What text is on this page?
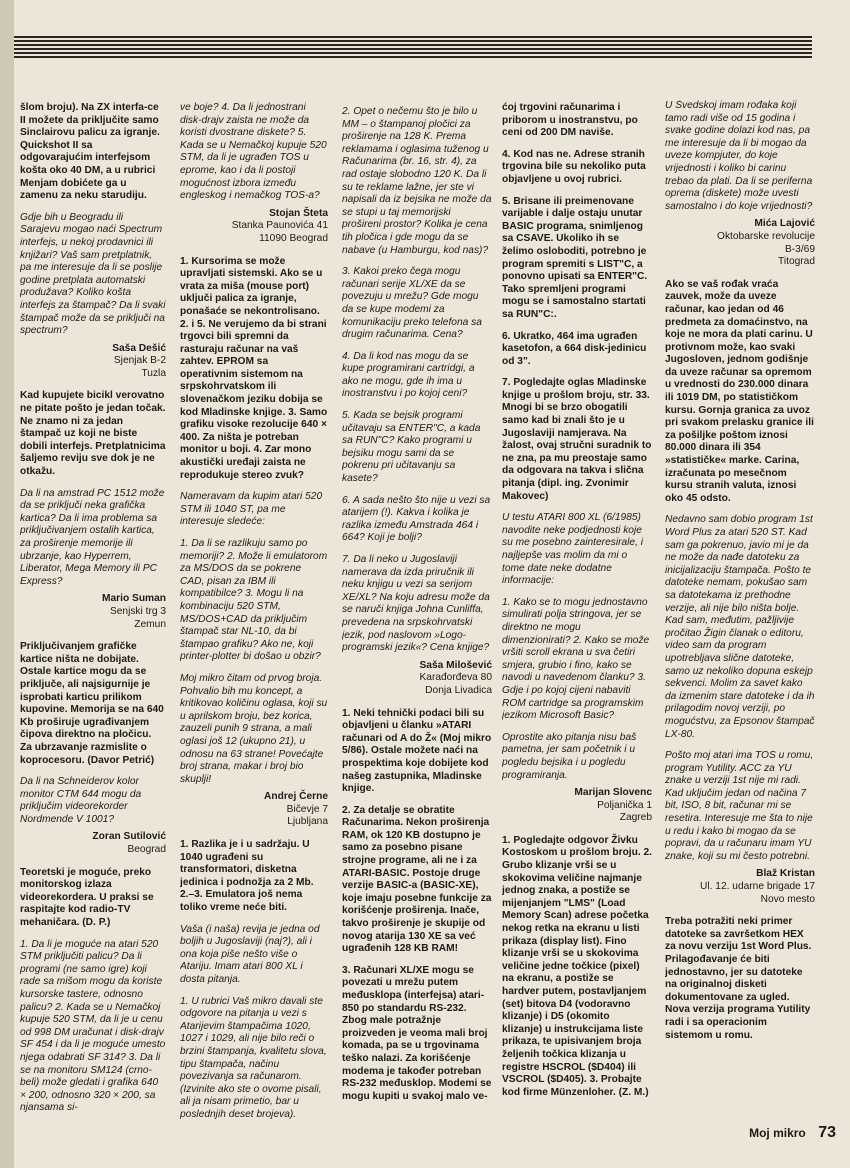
šlom broju). Na ZX interfa-ce II možete da priključite samo Sinclairovu palicu za igranje. Quickshot II sa odgovarajućim interfejsom košta oko 40 DM, a u rubrici Menjam dobićete ga u zamenu za neku starudiju.

Gdje bih u Beogradu ili Sarajevu mogao naći Spectrum interfejs, u nekoj prodavnici ili knjižari? Vaš sam pretplatnik, pa me interesuje da li se poslije godine pretplata automatski produžava? Koliko košta interfejs za štampač? Da li svaki štampač može da se priključi na spectrum?

Saša Dešić
Sjenjak B-2
Tuzla

Kad kupujete bicikl verovatno ne pitate pošto je jedan točak. Ne znamo ni za jedan štampač uz koji ne biste dobili interfejs. Pretplatnicima šaljemo reviju sve dok je ne otkažu.

Da li na amstrad PC 1512 može da se priključi neka grafička kartica? Da li ima problema sa priključivanjem ostalih kartica, za proširenje memorije ili ubrzanje, kao Hyperrem, Liberator, Mega Memory ili PC Express?

Mario Suman
Senjski trg 3
Zemun

Priključivanjem grafičke kartice ništa ne dobijate. Ostale kartice mogu da se priključe, ali najsigurnije je isprobati karticu prilikom kupovine. Memorija se na 640 Kb proširuje ugrađivanjem čipova direktno na pločicu. Za ubrzavanje razmislite o koprocesoru. (Davor Petrić)

Da li na Schneiderov kolor monitor CTM 644 mogu da priključim videorekorder Nordmende V 1001?

Zoran Sutilović
Beograd

Teoretski je moguće, preko monitorskog izlaza videorekordera. U praksi se raspitajte kod radio-TV mehaničara. (D. P.)

1. Da li je moguće na atari 520 STM priključiti palicu? Da li programi (ne samo igre) koji rade sa mišom mogu da koriste kursorske tastere, odnosno palicu? 2. Kada se u Nemačkoj kupuje 520 STM, da li je u cenu od 998 DM uračunat i disk-drajv SF 454 i da li je moguće umesto njega odabrati SF 314? 3. Da li se na monitoru SM124 (crno-beli) može gledati i grafika 640 × 200, odnosno 320 × 200, sa njansama si-

ve boje? 4. Da li jednostrani disk-drajv zaista ne može da koristi dvostrane diskete? 5. Kada se u Nemačkoj kupuje 520 STM, da li je ugrađen TOS u eprome, kao i da li postoji mogućnost izbora između engleskog i nemačkog TOS-a?

Stojan Šteta
Stanka Paunovića 41
11090 Beograd

1. Kursorima se može upravljati sistemski. Ako se u vrata za miša (mouse port) uključi palica za igranje, ponašaće se nekontrolisano. 2. i 5. Ne verujemo da bi strani trgovci bili spremni da rasturaju računar na vaš zahtev. EPROM sa operativnim sistemom na srpskohrvatskom ili slovenačkom jeziku dobija se kod Mladinske knjige. 3. Samo grafiku visoke rezolucije 640 × 400. Za ništa je potreban monitor u boji. 4. Zar mono akustički uređaji zaista ne reprodukuje stereo zvuk?

Nameravam da kupim atari 520 STM ili 1040 ST, pa me interesuje sledeće:

1. Da li se razlikuju samo po memoriji? 2. Može li emulatorom za MS/DOS da se pokrene CAD, pisan za IBM ili kompatibilce? 3. Mogu li na kombinaciju 520 STM, MS/DOS+CAD da priključim štampač star NL-10, da bi štampao grafiku? Ako ne, koji printer-plotter bi došao u obzir?

Moj mikro čitam od prvog broja. Pohvalio bih mu koncept, a kritikovao količinu oglasa, koji su u aprilskom broju, bez korica, zauzeli punih 9 strana, a mali oglasi još 12 (ukupno 21), u odnosu na 63 strane! Povećajte broj strana, makar i broj bio skuplji!

Andrej Černe
Bičevje 7
Ljubljana

1. Razlika je i u sadržaju. U 1040 ugrađeni su transformatori, disketna jedinica i podnožja za 2 Mb. 2.–3. Emulatora još nema toliko vreme neće biti.

Vaša (i naša) revija je jedna od boljih u Jugoslaviji (naj?), ali i ona koja piše nešto više o Atariju. Imam atari 800 XL i dosta pitanja.

1. U rubrici Vaš mikro davali ste odgovore na pitanja u vezi s Atarijevim štampačima 1020, 1027 i 1029, ali nije bilo reči o brzini štampanja, kvalitetu slova, tipu štampača, načinu povezivanja sa računarom. (Izvinite ako ste o ovome pisali, ali ja nisam primetio, bar u poslednjih deset brojeva).

2. Opet o nečemu što je bilo u MM – o štampanoj pločici za proširenje na 128 K. Prema reklamama i oglasima tuženog u Računarima (br. 16, str. 4), za rad ostaje slobodno 120 K. Da li su te reklame lažne, jer ste vi napisali da iz bejsika ne može da se stupi u taj memorijski prošireni prostor? Kolika je cena tih pločica i gde mogu da se nabave (u Hamburgu, kod nas)?

3. Kakoi preko čega mogu računari serije XL/XE da se povezuju u mrežu? Gde mogu da se kupe modemi za komunikaciju preko telefona sa drugim računarima. Cena?

4. Da li kod nas mogu da se kupe programirani cartridgi, a ako ne mogu, gde ih ima u inostranstvu i po kojoj ceni?

5. Kada se bejsik programi učitavaju sa ENTER"C, a kada sa RUN"C? Kako programi u bejsiku mogu sami da se pokrenu pri učitavanju sa kasete?

6. A sada nešto što nije u vezi sa atarijem (!). Kakva i kolika je razlika između Amstrada 464 i 664? Koji je bolji?

7. Da li neko u Jugoslaviji namerava da izda priručnik ili neku knjigu u vezi sa serijom XE/XL? Na koju adresu može da se naruči knjiga Johna Cunliffa, prevedena na srpskohrvatski jezik, pod naslovom »Logo-programski jezik«? Cena knjige?

Saša Milošević
Karađorđeva 80
Donja Livadica

1. Neki tehnički podaci bili su objavljeni u članku »ATARI računari od A do Ž« (Moj mikro 5/86). Ostale možete naći na prospektima koje dobijete kod našeg zastupnika, Mladinske knjige.

2. Za detalje se obratite Računarima. Nekon proširenja RAM, ok 120 KB dostupno je samo za posebno pisane strojne programe, ali ne i za ATARI-BASIC. Postoje druge verzije BASIC-a (BASIC-XE), koje imaju posebne funkcije za korišćenje proširenja. Inače, takvo proširenje je skupije od novog atarija 130 XE sa već ugrađenih 128 KB RAM!

3. Računari XL/XE mogu se povezati u mrežu putem međusklopa (interfejsa) atari-850 po standardu RS-232. Zbog male potražnje proizveden je veoma mali broj komada, pa se u trgovinama teško nalazi. Za korišćenje modema je također potreban RS-232 međusklop. Modemi se mogu kupiti u svakoj malo ve-

ćoj trgovini računarima i priborom u inostranstvu, po ceni od 200 DM naviše.

4. Kod nas ne. Adrese stranih trgovina bile su nekoliko puta objavljene u ovoj rubrici.

5. Brisane ili preimenovane varijable i dalje ostaju unutar BASIC programa, snimljenog sa CSAVE. Ukoliko ih se želimo osloboditi, potrebno je program spremiti s LIST"C, a ponovno upisati sa ENTER"C. Tako spremljeni programi mogu se i samostalno startati sa RUN"C:.

6. Ukratko, 464 ima ugrađen kasetofon, a 664 disk-jedinicu od 3".

7. Pogledajte oglas Mladinske knjige u prošlom broju, str. 33. Mnogi bi se brzo obogatili samo kad bi znali što je u Jugoslaviji namjerava. Na žalost, ovaj stručni suradnik to ne zna, pa mu preostaje samo da odgovara na takva i slična pitanja (dipl. ing. Zvonimir Makovec)

U testu ATARI 800 XL (6/1985) navodite neke podjednosti koje su me posebno zainteresirale, i najljepše vas molim da mi o tome date neke dodatne informacije:

1. Kako se to mogu jednostavno simulirati polja stringova, jer se direktno ne mogu dimenzionirati? 2. Kako se može vršiti scroll ekrana u sva četiri smjera, grubio i fino, kako se navodi u navedenom članku? 3. Gdje i po kojoj cijeni nabaviti ROM cartridge sa programskim jezikom Microsoft Basic?

Oprostite ako pitanja nisu baš pametna, jer sam početnik i u pogledu bejsika i u pogledu programiranja.

Marijan Slovenc
Poljanička 1
Zagreb

1. Pogledajte odgovor Živku Kostoskom u prošlom broju. 2. Grubo klizanje vrši se u skokovima veličine najmanje jednog znaka, a postiže se mijenjanjem "LMS" (Load Memory Scan) adrese početka nekog retka na ekranu u listi prikaza (display list). Fino klizanje vrši se u skokovima veličine jedne točkice (pixel) na ekranu, a postiže se hardver putem, postavljanjem (set) bitova D4 (vodoravno klizanje) i D5 (okomito klizanje) u instrukcijama liste prikaza, te upisivanjem broja željenih točkica klizanja u registre HSCROL ($D404) ili VSCROL ($D405). 3. Probajte kod firme Münzenloher. (Z. M.)

U Švedskoj imam rođaka koji tamo radi više od 15 godina i svake godine dolazi kod nas, pa me interesuje da li bi mogao da uveze kompjuter, do koje vrijednosti i koliko bi carinu trebao da plati. Da li se periferna oprema (diskete) može uvesti samostalno i do koje vrijednosti?

Mića Lajović
Oktobarske revolucije
B-3/69
Titograd

Ako se vaš rođak vraća zauvek, može da uveze računar, kao jedan od 46 predmeta za domaćinstvo, na koje ne mora da plati carinu. U protivnom može, kao svaki Jugosloven, jednom godišnje da uveze računar sa opremom u vrednosti do 230.000 dinara ili 1019 DM, po statističkom kursu. Gornja granica za uvoz pri svakom prelasku granice ili za pošiljke poštom iznosi 80.000 dinara ili 354 »statističke« marke. Carina, izračunata po mesečnom kursu stranih valuta, iznosi oko 45 odsto.

Nedavno sam dobio program 1st Word Plus za atari 520 ST. Kad sam ga pokrenuo, javio mi je da ne može da nađe datoteku za inicijalizaciju štampača. Pošto te datoteke nemam, pokušao sam sa datotekama iz prethodne verzije, ali nije bilo ništa bolje. Kad sam, međutim, pažljivije pročitao Žigin članak o editoru, video sam da program upotrebljava slične datoteke, samo uz nekoliko dopuna eskejp sekvenci. Molim za savet kako da izmenim stare datoteke i da ih prilagodim novoj verziji, po mogućstvu, za Epsonov štampač LX-80.

Pošto moj atari ima TOS u romu, program Yutility. ACC za YU znake u verziji 1st nije mi radi. Kad uključim jedan od načina 7 bit, ISO, 8 bit, računar mi se resetira. Interesuje me šta to nije u redu i kako bi mogao da se popravi, da u računaru imam YU znake, koji su mi često potrebni.

Blaž Kristan
Ul. 12. udarne brigade 17
Novo mesto

Treba potražiti neki primer datoteke sa završetkom HEX za novu verziju 1st Word Plus. Prilagođavanje će biti jednostavno, jer su datoteke na originalnoj disketi dokumentovane za ugled. Nova verzija programa Yutility radi i sa operacionim sistemom u romu.

Moj mikro 73
